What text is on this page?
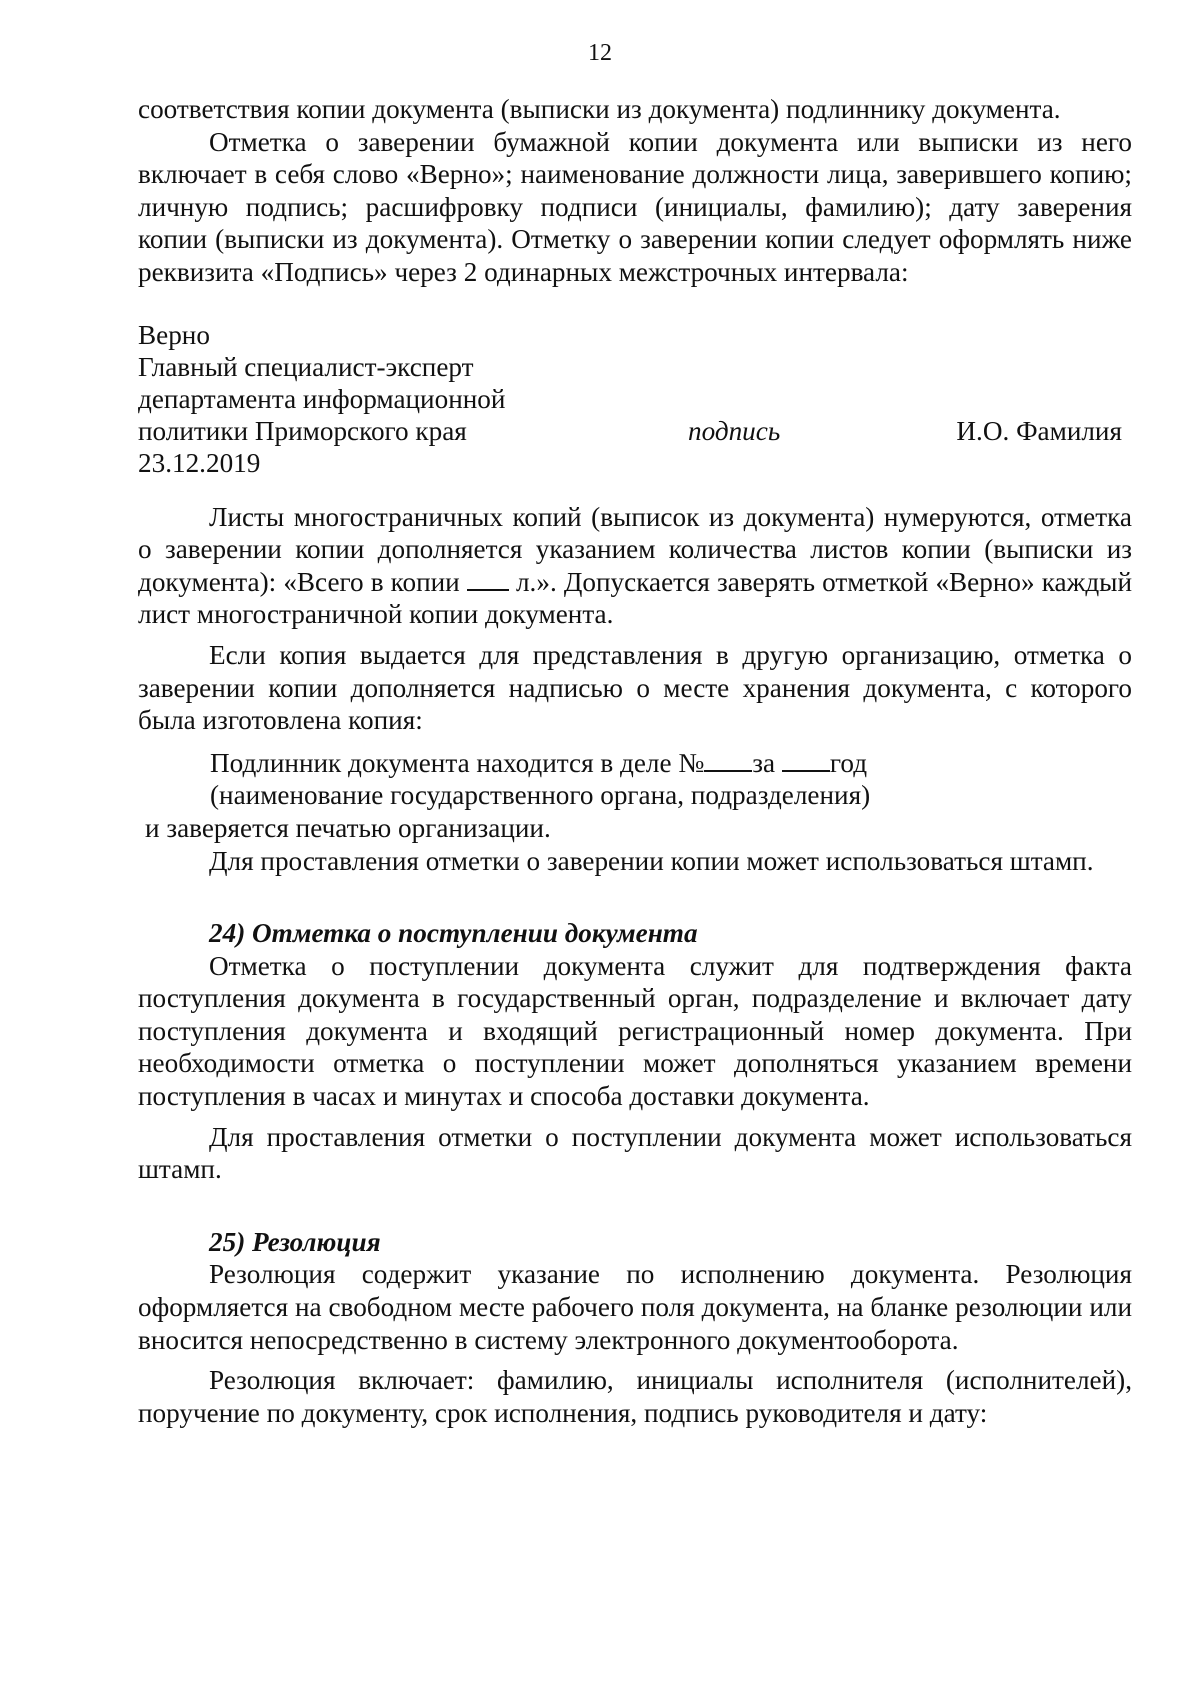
12

соответствия копии документа (выписки из документа) подлиннику документа.

Отметка о заверении бумажной копии документа или выписки из него включает в себя слово «Верно»; наименование должности лица, заверившего копию; личную подпись; расшифровку подписи (инициалы, фамилию); дату заверения копии (выписки из документа). Отметку о заверении копии следует оформлять ниже реквизита «Подпись» через 2 одинарных межстрочных интервала:

Верно
Главный специалист-эксперт
департамента информационной
политики Приморского края
23.12.2019
подпись	И.О. Фамилия

Листы многостраничных копий (выписок из документа) нумеруются, отметка о заверении копии дополняется указанием количества листов копии (выписки из документа): «Всего в копии л.». Допускается заверять отметкой «Верно» каждый лист многостраничной копии документа.

Если копия выдается для представления в другую организацию, отметка о заверении копии дополняется надписью о месте хранения документа, с которого была изготовлена копия:

Подлинник документа находится в деле № за год

(наименование государственного органа, подразделения)

и заверяется печатью организации.

Для проставления отметки о заверении копии может использоваться штамп.

24) Отметка о поступлении документа

Отметка о поступлении документа служит для подтверждения факта поступления документа в государственный орган, подразделение и включает дату поступления документа и входящий регистрационный номер документа. При необходимости отметка о поступлении может дополняться указанием времени поступления в часах и минутах и способа доставки документа.

Для проставления отметки о поступлении документа может использоваться штамп.

25) Резолюция

Резолюция содержит указание по исполнению документа. Резолюция оформляется на свободном месте рабочего поля документа, на бланке резолюции или вносится непосредственно в систему электронного документооборота.

Резолюция включает: фамилию, инициалы исполнителя (исполнителей), поручение по документу, срок исполнения, подпись руководителя и дату:
